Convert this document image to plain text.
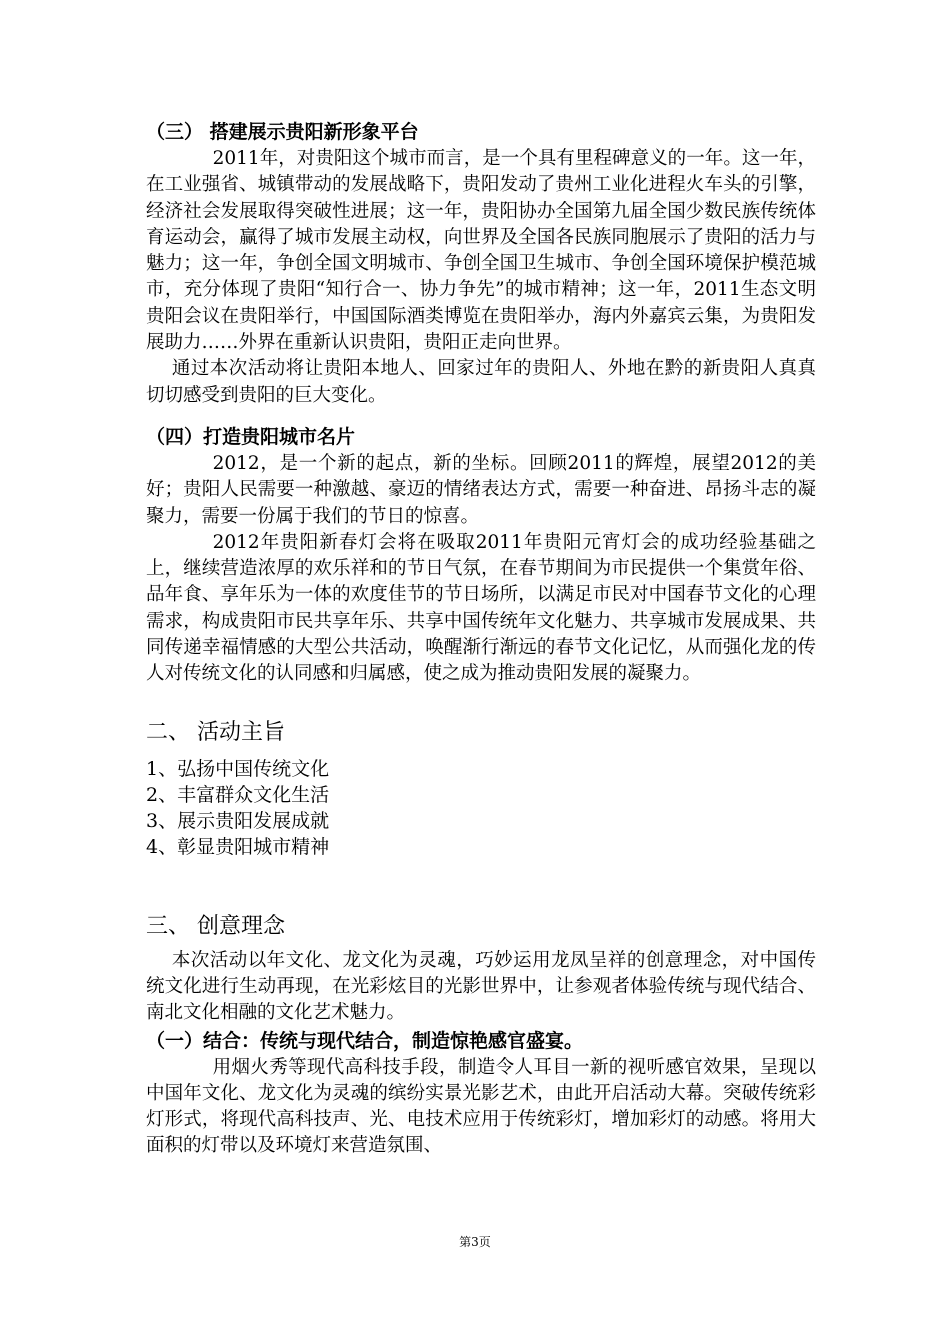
（三） 搭建展示贵阳新形象平台

2011年，对贵阳这个城市而言，是一个具有里程碑意义的一年。这一年，在工业强省、城镇带动的发展战略下，贵阳发动了贵州工业化进程火车头的引擎，经济社会发展取得突破性进展；这一年，贵阳协办全国第九届全国少数民族传统体育运动会，赢得了城市发展主动权，向世界及全国各民族同胞展示了贵阳的活力与魅力；这一年，争创全国文明城市、争创全国卫生城市、争创全国环境保护模范城市，充分体现了贵阳“知行合一、协力争先”的城市精神；这一年，2011生态文明贵阳会议在贵阳举行，中国国际酒类博览在贵阳举办，海内外嘉宾云集，为贵阳发展助力……外界在重新认识贵阳，贵阳正走向世界。

通过本次活动将让贵阳本地人、回家过年的贵阳人、外地在黔的新贵阳人真真切切感受到贵阳的巨大变化。

（四）打造贵阳城市名片

2012，是一个新的起点，新的坐标。回顾2011的辉煌，展望2012的美好；贵阳人民需要一种激越、豪迈的情绪表达方式，需要一种奋进、昂扬斗志的凝聚力，需要一份属于我们的节日的惊喜。

2012年贵阳新春灯会将在吸取2011年贵阳元宵灯会的成功经验基础之上，继续营造浓厚的欢乐祥和的节日气氛，在春节期间为市民提供一个集赏年俗、品年食、享年乐为一体的欢度佳节的节日场所，以满足市民对中国春节文化的心理需求，构成贵阳市民共享年乐、共享中国传统年文化魅力、共享城市发展成果、共同传递幸福情感的大型公共活动，唤醒渐行渐远的春节文化记忆，从而强化龙的传人对传统文化的认同感和归属感，使之成为推动贵阳发展的凝聚力。

二、 活动主旨

1、弘扬中国传统文化

2、丰富群众文化生活

3、展示贵阳发展成就

4、彰显贵阳城市精神

三、 创意理念

本次活动以年文化、龙文化为灵魂，巧妙运用龙凤呈祥的创意理念，对中国传统文化进行生动再现，在光彩炫目的光影世界中，让参观者体验传统与现代结合、南北文化相融的文化艺术魅力。

（一）结合：传统与现代结合，制造惊艳感官盛宴。

用烟火秀等现代高科技手段，制造令人耳目一新的视听感官效果，呈现以中国年文化、龙文化为灵魂的缤纷实景光影艺术，由此开启活动大幕。突破传统彩灯形式，将现代高科技声、光、电技术应用于传统彩灯，增加彩灯的动感。将用大面积的灯带以及环境灯来营造氛围、

第3页
